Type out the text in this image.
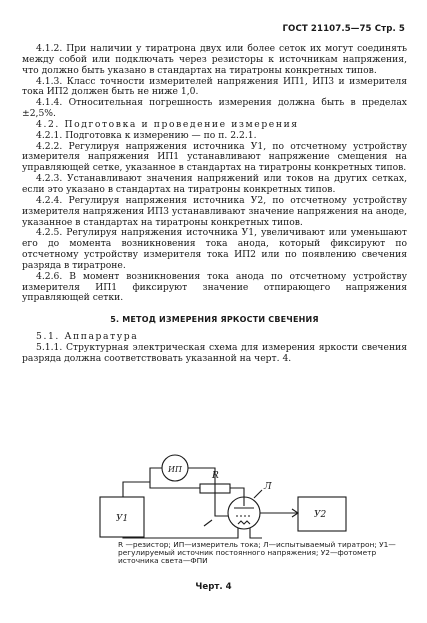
ГОСТ 21107.5—75 Стр. 5

4.1.2. При наличии у тиратрона двух или более сеток их могут соединять между собой или подключать через резисторы к источникам напряжения, что должно быть указано в стандартах на тиратроны конкретных типов.

4.1.3. Класс точности измерителей напряжения ИП1, ИП3 и измерителя тока ИП2 должен быть не ниже 1,0.

4.1.4. Относительная погрешность измерения должна быть в пределах ±2,5%.

4.2. Подготовка и проведение измерения

4.2.1. Подготовка к измерению — по п. 2.2.1.

4.2.2. Регулируя напряжения источника У1, по отсчетному устройству измерителя напряжения ИП1 устанавливают напряжение смещения на управляющей сетке, указанное в стандартах на тиратроны конкретных типов.

4.2.3. Устанавливают значения напряжений или токов на других сетках, если это указано в стандартах на тиратроны конкретных типов.

4.2.4. Регулируя напряжения источника У2, по отсчетному устройству измерителя напряжения ИП3 устанавливают значение напряжения на аноде, указанное в стандартах на тиратроны конкретных типов.

4.2.5. Регулируя напряжения источника У1, увеличивают или уменьшают его до момента возникновения тока анода, который фиксируют по отсчетному устройству измерителя тока ИП2 или по появлению свечения разряда в тиратроне.

4.2.6. В момент возникновения тока анода по отсчетному устройству измерителя ИП1 фиксируют значение отпирающего напряжения управляющей сетки.

5. МЕТОД ИЗМЕРЕНИЯ ЯРКОСТИ СВЕЧЕНИЯ

5.1. Аппаратура

5.1.1. Структурная электрическая схема для измерения яркости свечения разряда должна соответствовать указанной на черт. 4.

У1	У2
ИП
R
Л
R —резистор; ИП—измеритель тока; Л—испытываемый тиратрон; У1—регулируемый источник постоянного напряжения; У2—фотометр источника света—ФПИ
Черт. 4
